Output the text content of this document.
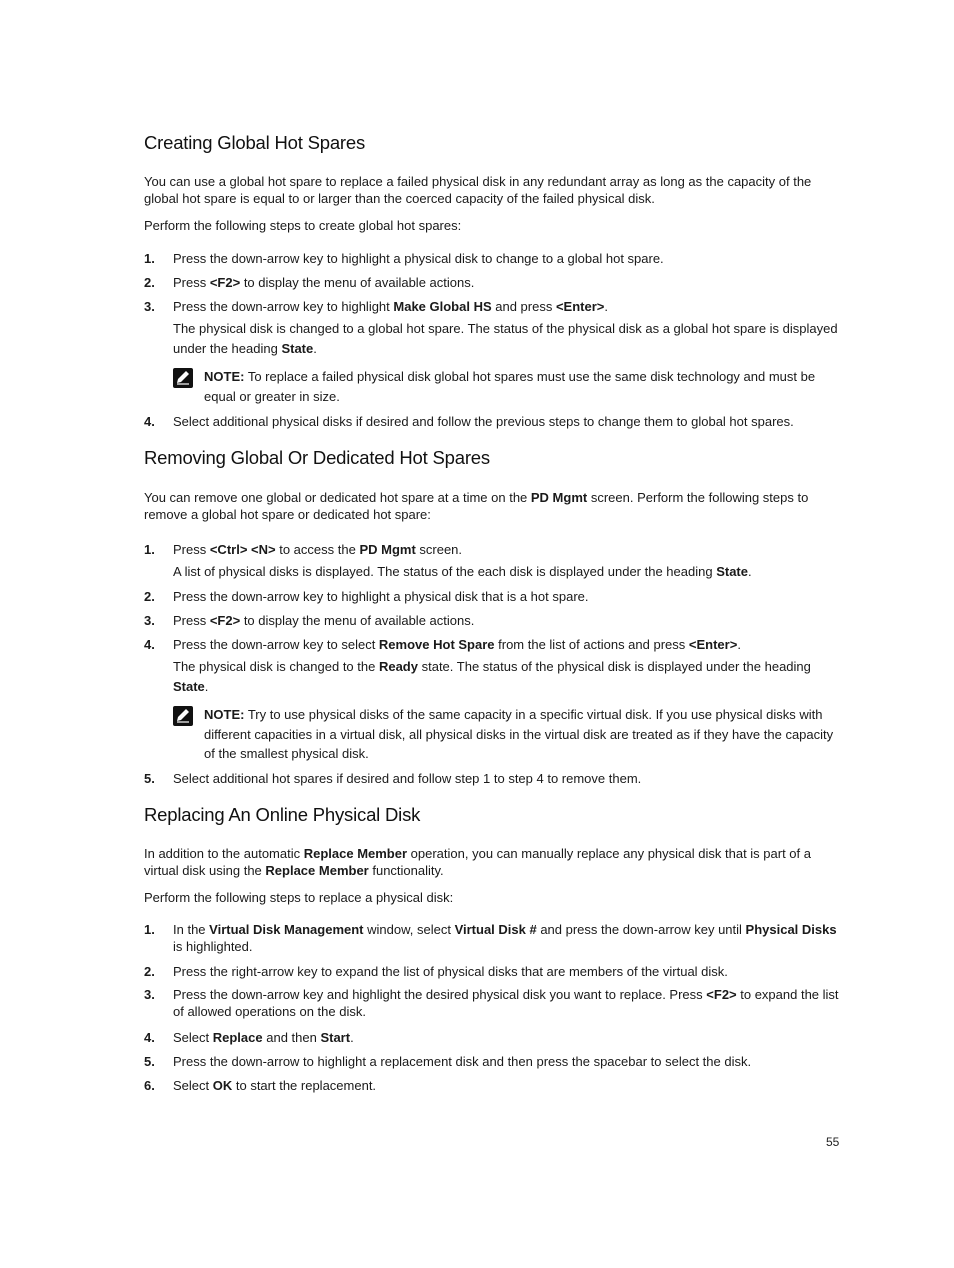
Creating Global Hot Spares

You can use a global hot spare to replace a failed physical disk in any redundant array as long as the capacity of the global hot spare is equal to or larger than the coerced capacity of the failed physical disk.

Perform the following steps to create global hot spares:

1.	Press the down-arrow key to highlight a physical disk to change to a global hot spare.
2.	Press <F2> to display the menu of available actions.
3.	Press the down-arrow key to highlight Make Global HS and press <Enter>.

The physical disk is changed to a global hot spare. The status of the physical disk as a global hot spare is displayed under the heading State.

NOTE: To replace a failed physical disk global hot spares must use the same disk technology and must be equal or greater in size.
4.	Select additional physical disks if desired and follow the previous steps to change them to global hot spares.
Removing Global Or Dedicated Hot Spares

You can remove one global or dedicated hot spare at a time on the PD Mgmt screen. Perform the following steps to remove a global hot spare or dedicated hot spare:

1.	Press <Ctrl> <N> to access the PD Mgmt screen.

A list of physical disks is displayed. The status of the each disk is displayed under the heading State.

2.	Press the down-arrow key to highlight a physical disk that is a hot spare.
3.	Press <F2> to display the menu of available actions.
4.	Press the down-arrow key to select Remove Hot Spare from the list of actions and press <Enter>.

The physical disk is changed to the Ready state. The status of the physical disk is displayed under the heading State.

NOTE: Try to use physical disks of the same capacity in a specific virtual disk. If you use physical disks with different capacities in a virtual disk, all physical disks in the virtual disk are treated as if they have the capacity of the smallest physical disk.
5.	Select additional hot spares if desired and follow step 1 to step 4 to remove them.
Replacing An Online Physical Disk

In addition to the automatic Replace Member operation, you can manually replace any physical disk that is part of a virtual disk using the Replace Member functionality.

Perform the following steps to replace a physical disk:

1.	In the Virtual Disk Management window, select Virtual Disk # and press the down-arrow key until Physical Disks is highlighted.
2.	Press the right-arrow key to expand the list of physical disks that are members of the virtual disk.
3.	Press the down-arrow key and highlight the desired physical disk you want to replace. Press <F2> to expand the list of allowed operations on the disk.
4.	Select Replace and then Start.
5.	Press the down-arrow to highlight a replacement disk and then press the spacebar to select the disk.
6.	Select OK to start the replacement.
55
